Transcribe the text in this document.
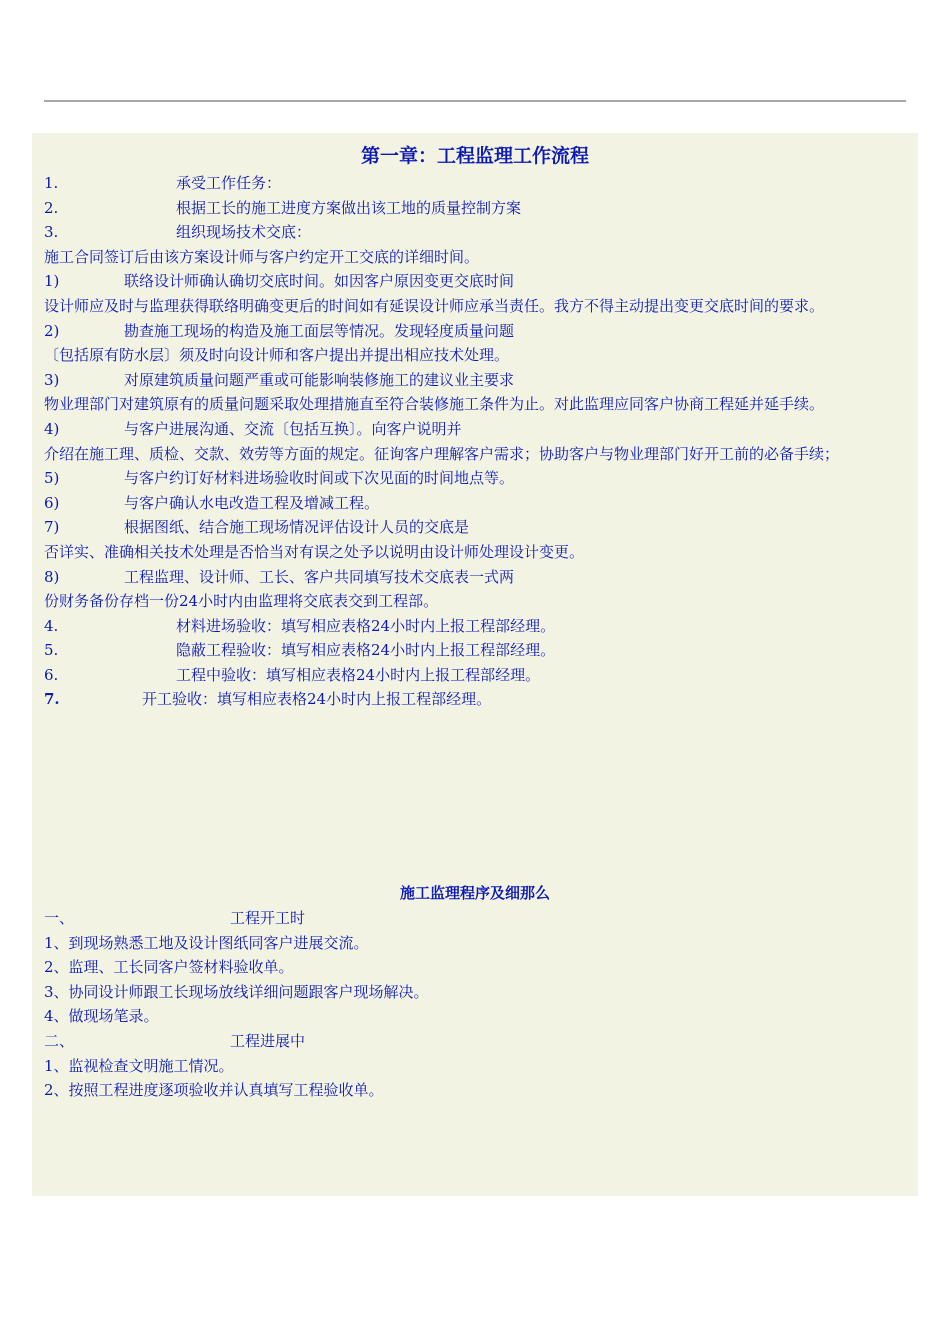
第一章：工程监理工作流程
1.	承受工作任务：
2.	根据工长的施工进度方案做出该工地的质量控制方案
3.	组织现场技术交底：
施工合同签订后由该方案设计师与客户约定开工交底的详细时间。
1)	联络设计师确认确切交底时间。如因客户原因变更交底时间
设计师应及时与监理获得联络明确变更后的时间如有延误设计师应承当责任。我方不得主动提出变更交底时间的要求。
2)	勘查施工现场的构造及施工面层等情况。发现轻度质量问题
〔包括原有防水层〕须及时向设计师和客户提出并提出相应技术处理。
3)	对原建筑质量问题严重或可能影响装修施工的建议业主要求
物业理部门对建筑原有的质量问题采取处理措施直至符合装修施工条件为止。对此监理应同客户协商工程延并延手续。
4)	与客户进展沟通、交流〔包括互换〕。向客户说明并
介绍在施工理、质检、交款、效劳等方面的规定。征询客户理解客户需求；协助客户与物业理部门好开工前的必备手续；
5)	与客户约订好材料进场验收时间或下次见面的时间地点等。
6)	与客户确认水电改造工程及增减工程。
7)	根据图纸、结合施工现场情况评估设计人员的交底是
否详实、准确相关技术处理是否恰当对有误之处予以说明由设计师处理设计变更。
8)	工程监理、设计师、工长、客户共同填写技术交底表一式两
份财务备份存档一份24小时内由监理将交底表交到工程部。
4.	材料进场验收：填写相应表格24小时内上报工程部经理。
5.	隐蔽工程验收：填写相应表格24小时内上报工程部经理。
6.	工程中验收：填写相应表格24小时内上报工程部经理。
7.	开工验收：填写相应表格24小时内上报工程部经理。
施工监理程序及细那么
一、	工程开工时
1、到现场熟悉工地及设计图纸同客户进展交流。
2、监理、工长同客户签材料验收单。
3、协同设计师跟工长现场放线详细问题跟客户现场解决。
4、做现场笔录。
二、	工程进展中
1、监视检查文明施工情况。
2、按照工程进度逐项验收并认真填写工程验收单。
